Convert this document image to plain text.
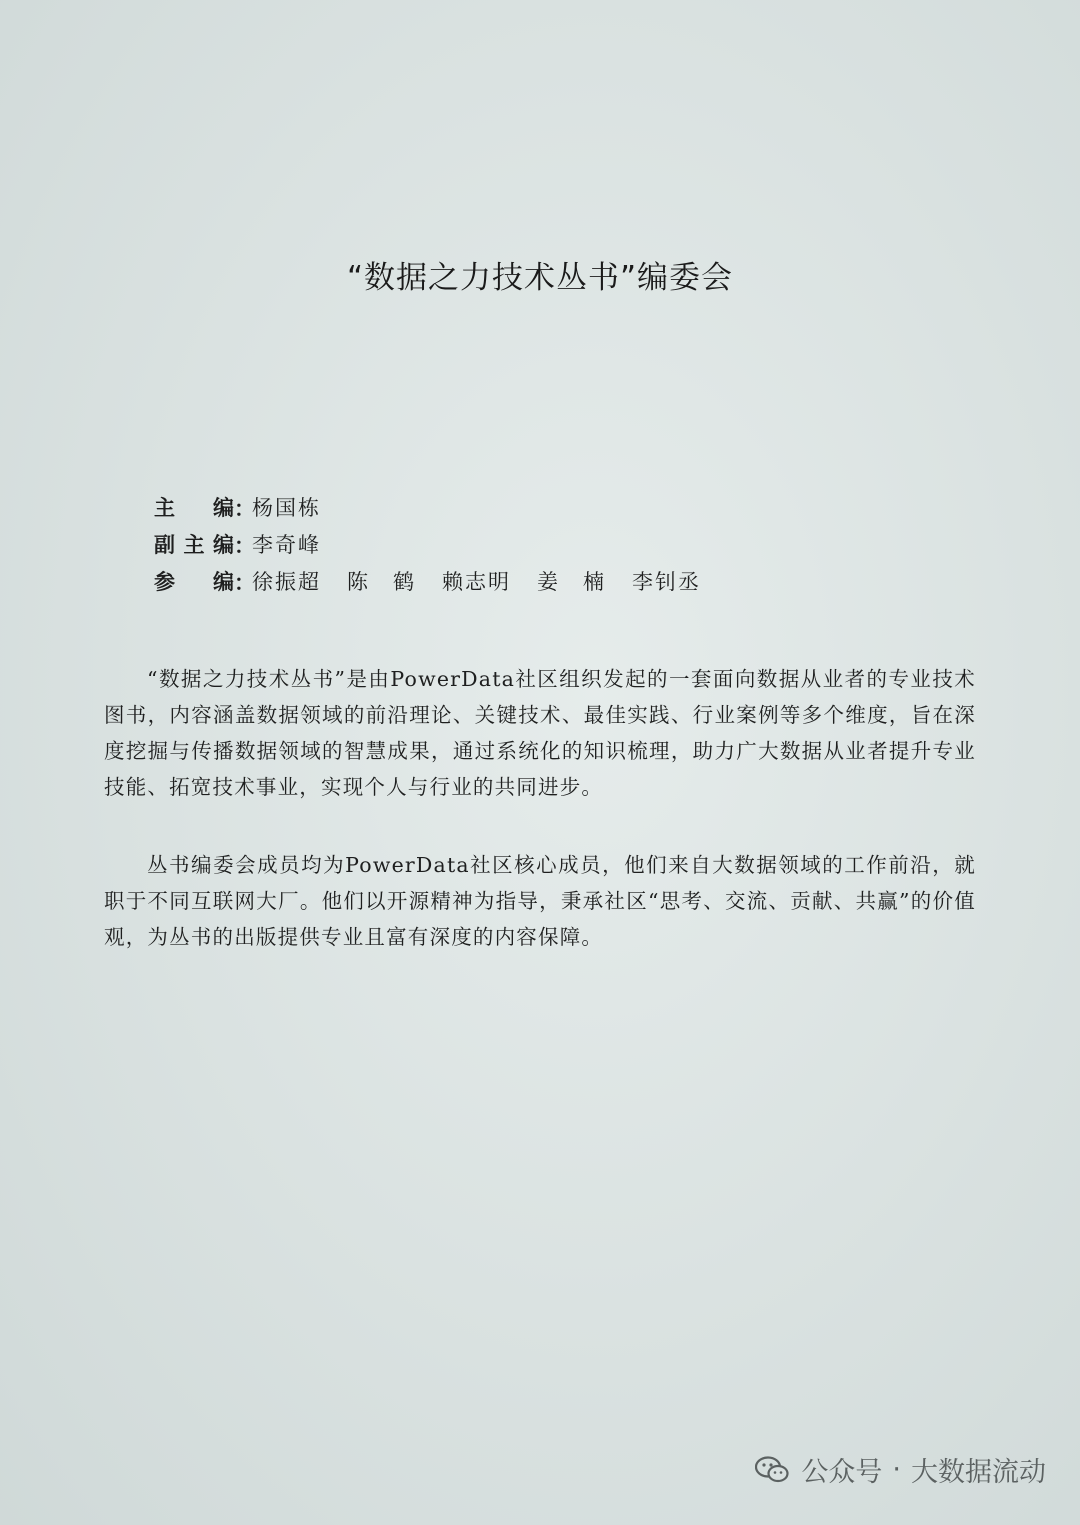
“数据之力技术丛书”编委会
主编 ：
杨国栋
副主编 ：
李奇峰
参编 ：
徐振超 陈　鹤 赖志明 姜　楠 李钊丞

“数据之力技术丛书”是由PowerData社区组织发起的一套面向数据从业者的专业技术图书，内容涵盖数据领域的前沿理论、关键技术、最佳实践、行业案例等多个维度，旨在深度挖掘与传播数据领域的智慧成果，通过系统化的知识梳理，助力广大数据从业者提升专业技能、拓宽技术事业，实现个人与行业的共同进步。

丛书编委会成员均为PowerData社区核心成员，他们来自大数据领域的工作前沿，就职于不同互联网大厂。他们以开源精神为指导，秉承社区“思考、交流、贡献、共赢”的价值观，为丛书的出版提供专业且富有深度的内容保障。

公众号 · 大数据流动
